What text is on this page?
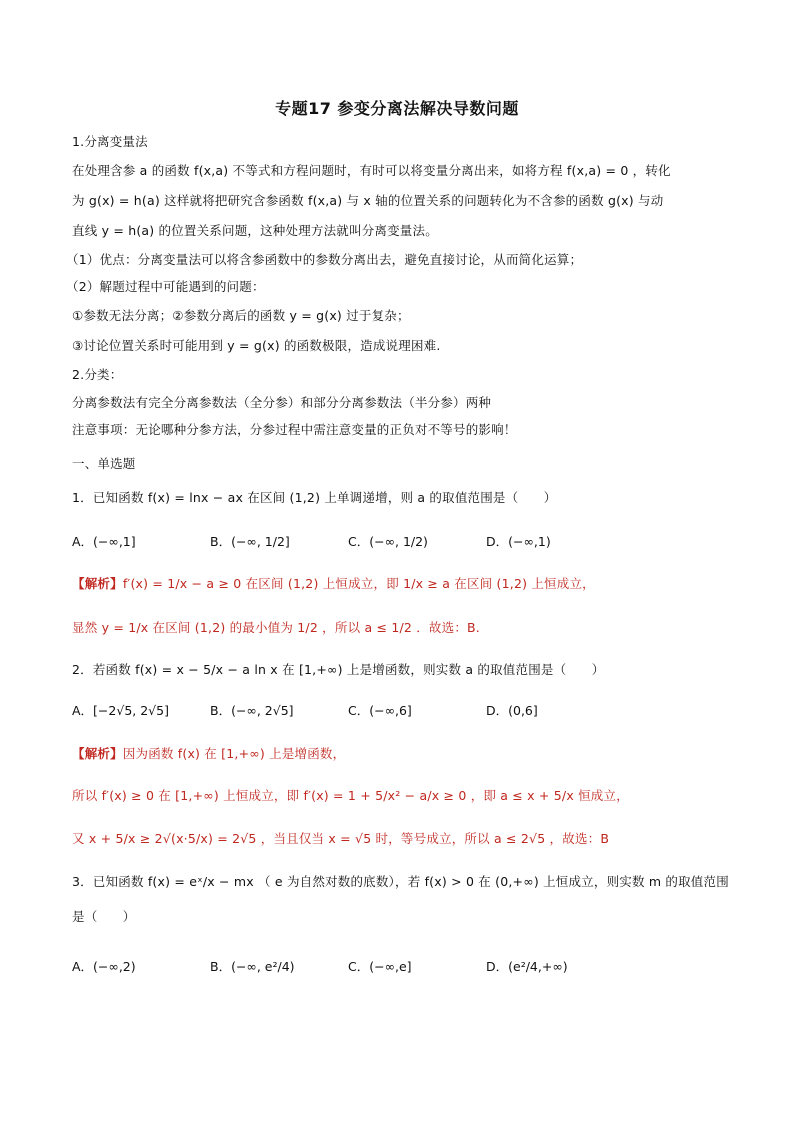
专题17 参变分离法解决导数问题
1.分离变量法
在处理含参 a 的函数 f(x,a) 不等式和方程问题时，有时可以将变量分离出来，如将方程 f(x,a) = 0 ，转化
为 g(x) = h(a) 这样就将把研究含参函数 f(x,a) 与 x 轴的位置关系的问题转化为不含参的函数 g(x) 与动
直线 y = h(a) 的位置关系问题，这种处理方法就叫分离变量法。
（1）优点：分离变量法可以将含参函数中的参数分离出去，避免直接讨论，从而简化运算；
（2）解题过程中可能遇到的问题：
①参数无法分离；②参数分离后的函数 y = g(x) 过于复杂；
③讨论位置关系时可能用到 y = g(x) 的函数极限，造成说理困难.
2.分类：
分离参数法有完全分离参数法（全分参）和部分分离参数法（半分参）两种
注意事项：无论哪种分参方法，分参过程中需注意变量的正负对不等号的影响！
一、单选题
1．已知函数 f(x) = lnx − ax 在区间 (1,2) 上单调递增，则 a 的取值范围是（　　）
A．(−∞,1]	B．(−∞, 1/2]	C．(−∞, 1/2)	D．(−∞,1)
【解析】f′(x) = 1/x − a ≥ 0 在区间 (1,2) 上恒成立，即 1/x ≥ a 在区间 (1,2) 上恒成立，
显然 y = 1/x 在区间 (1,2) 的最小值为 1/2 ，所以 a ≤ 1/2 ．故选：B.
2．若函数 f(x) = x − 5/x − a ln x 在 [1,+∞) 上是增函数，则实数 a 的取值范围是（　　）
A．[−2√5, 2√5]	B．(−∞, 2√5]	C．(−∞,6]	D．(0,6]
【解析】因为函数 f(x) 在 [1,+∞) 上是增函数，
所以 f′(x) ≥ 0 在 [1,+∞) 上恒成立，即 f′(x) = 1 + 5/x² − a/x ≥ 0 ，即 a ≤ x + 5/x 恒成立，
又 x + 5/x ≥ 2√(x·5/x) = 2√5 ，当且仅当 x = √5 时，等号成立，所以 a ≤ 2√5 ，故选：B
3．已知函数 f(x) = eˣ/x − mx （ e 为自然对数的底数），若 f(x) > 0 在 (0,+∞) 上恒成立，则实数 m 的取值范围
是（　　）
A．(−∞,2)	B．(−∞, e²/4)	C．(−∞,e]	D．(e²/4,+∞)
